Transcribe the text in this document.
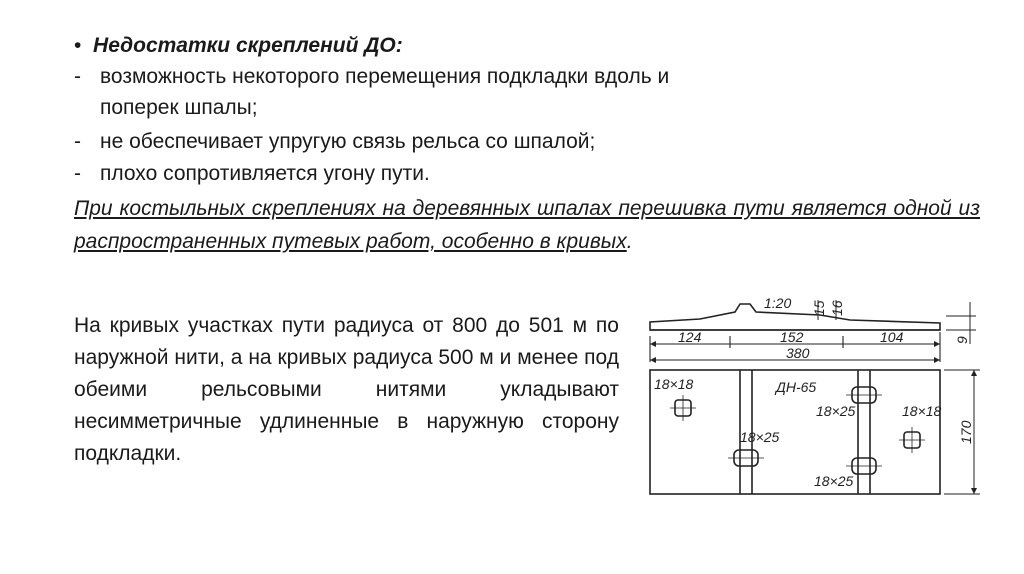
• Недостатки скреплений ДО:
- возможность некоторого перемещения подкладки вдоль и
поперек шпалы;
- не обеспечивает упругую связь рельса со шпалой;
- плохо сопротивляется угону пути.
При костыльных скреплениях на деревянных шпалах перешивка пути является одной из распространенных путевых работ, особенно в кривых.
На кривых участках пути радиуса от 800 до 501 м по наружной нити, а на кривых радиуса 500 м и менее под обеими рельсовыми нитями укладывают несимметричные удлиненные в наружную сторону подкладки.
1:20 15 16
9
124	152	104
380
170
ДН-65
18×18
18×18
18×25
18×25
18×25
